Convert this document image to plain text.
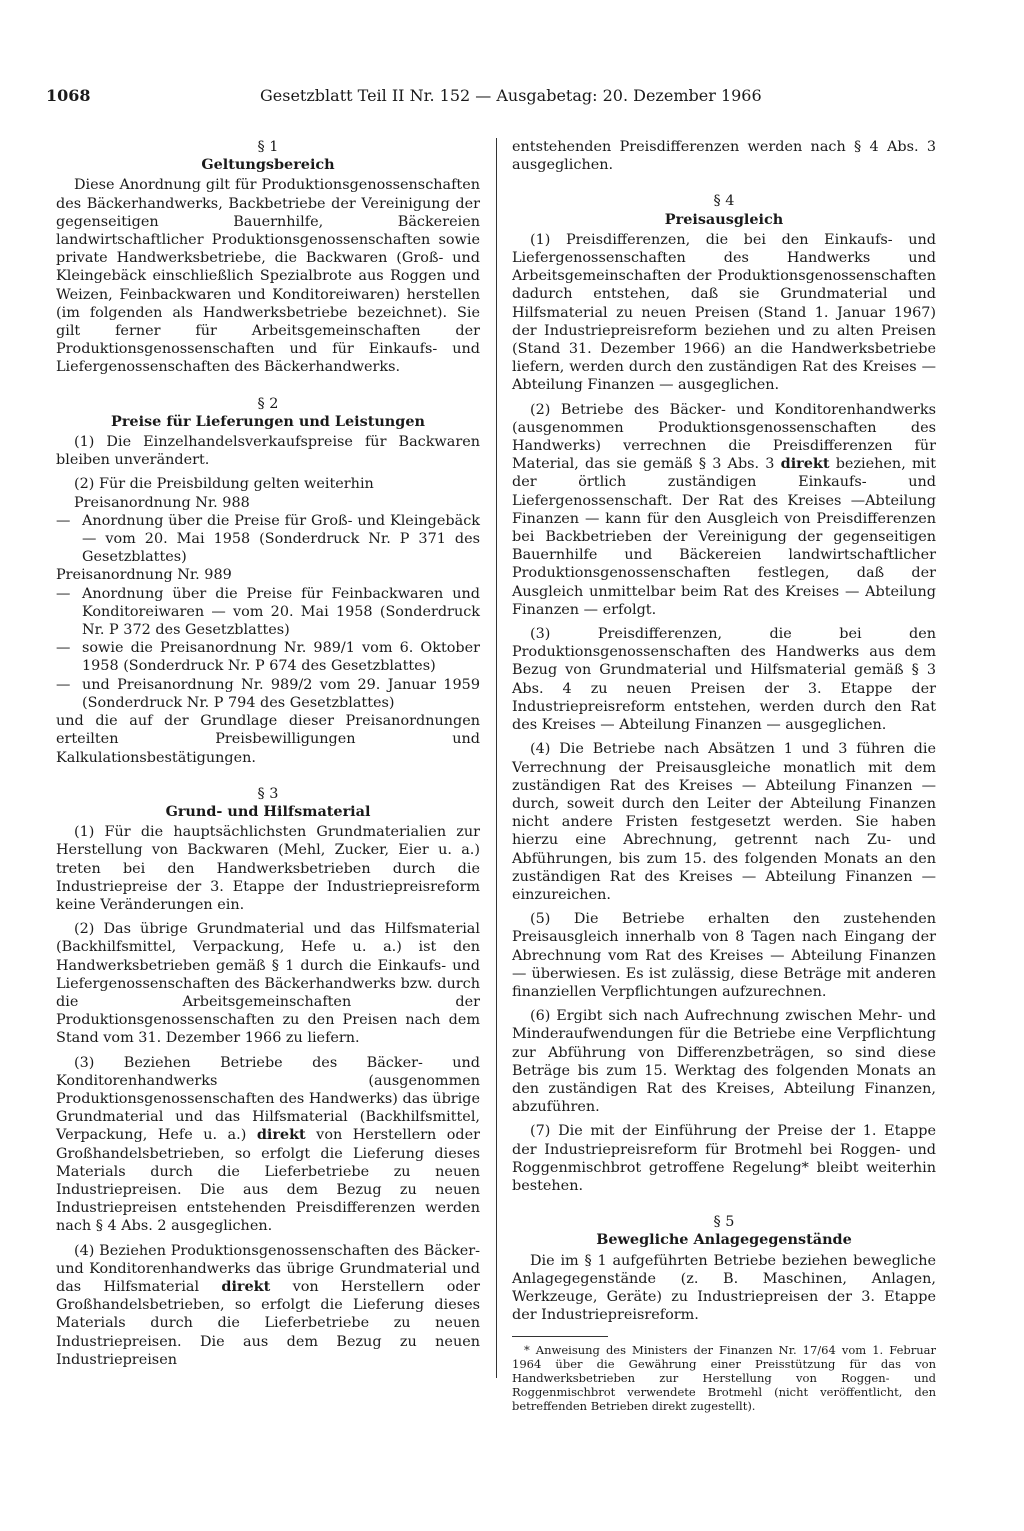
1068	Gesetzblatt Teil II Nr. 152 — Ausgabetag: 20. Dezember 1966

§ 1

Geltungsbereich

Diese Anordnung gilt für Produktionsgenossenschaften des Bäckerhandwerks, Backbetriebe der Vereinigung der gegenseitigen Bauernhilfe, Bäckereien landwirtschaftlicher Produktionsgenossenschaften sowie private Handwerksbetriebe, die Backwaren (Groß- und Kleingebäck einschließlich Spezialbrote aus Roggen und Weizen, Feinbackwaren und Konditoreiwaren) herstellen (im folgenden als Handwerksbetriebe bezeichnet). Sie gilt ferner für Arbeitsgemeinschaften der Produktionsgenossenschaften und für Einkaufs- und Liefergenossenschaften des Bäckerhandwerks.

§ 2

Preise für Lieferungen und Leistungen

(1) Die Einzelhandelsverkaufspreise für Backwaren bleiben unverändert.

(2) Für die Preisbildung gelten weiterhin

Preisanordnung Nr. 988

— Anordnung über die Preise für Groß- und Kleingebäck — vom 20. Mai 1958 (Sonderdruck Nr. P 371 des Gesetzblattes)

Preisanordnung Nr. 989

— Anordnung über die Preise für Feinbackwaren und Konditoreiwaren — vom 20. Mai 1958 (Sonderdruck Nr. P 372 des Gesetzblattes)
— sowie die Preisanordnung Nr. 989/1 vom 6. Oktober 1958 (Sonderdruck Nr. P 674 des Gesetzblattes)
— und Preisanordnung Nr. 989/2 vom 29. Januar 1959 (Sonderdruck Nr. P 794 des Gesetzblattes)

und die auf der Grundlage dieser Preisanordnungen erteilten Preisbewilligungen und Kalkulationsbestätigungen.

§ 3

Grund- und Hilfsmaterial

(1) Für die hauptsächlichsten Grundmaterialien zur Herstellung von Backwaren (Mehl, Zucker, Eier u. a.) treten bei den Handwerksbetrieben durch die Industriepreise der 3. Etappe der Industriepreisreform keine Veränderungen ein.

(2) Das übrige Grundmaterial und das Hilfsmaterial (Backhilfsmittel, Verpackung, Hefe u. a.) ist den Handwerksbetrieben gemäß § 1 durch die Einkaufs- und Liefergenossenschaften des Bäckerhandwerks bzw. durch die Arbeitsgemeinschaften der Produktionsgenossenschaften zu den Preisen nach dem Stand vom 31. Dezember 1966 zu liefern.

(3) Beziehen Betriebe des Bäcker- und Konditorenhandwerks (ausgenommen Produktionsgenossenschaften des Handwerks) das übrige Grundmaterial und das Hilfsmaterial (Backhilfsmittel, Verpackung, Hefe u. a.) direkt von Herstellern oder Großhandelsbetrieben, so erfolgt die Lieferung dieses Materials durch die Lieferbetriebe zu neuen Industriepreisen. Die aus dem Bezug zu neuen Industriepreisen entstehenden Preisdifferenzen werden nach § 4 Abs. 2 ausgeglichen.

(4) Beziehen Produktionsgenossenschaften des Bäcker- und Konditorenhandwerks das übrige Grundmaterial und das Hilfsmaterial direkt von Herstellern oder Großhandelsbetrieben, so erfolgt die Lieferung dieses Materials durch die Lieferbetriebe zu neuen Industriepreisen. Die aus dem Bezug zu neuen Industriepreisen

entstehenden Preisdifferenzen werden nach § 4 Abs. 3 ausgeglichen.

§ 4

Preisausgleich

(1) Preisdifferenzen, die bei den Einkaufs- und Liefergenossenschaften des Handwerks und Arbeitsgemeinschaften der Produktionsgenossenschaften dadurch entstehen, daß sie Grundmaterial und Hilfsmaterial zu neuen Preisen (Stand 1. Januar 1967) der Industriepreisreform beziehen und zu alten Preisen (Stand 31. Dezember 1966) an die Handwerksbetriebe liefern, werden durch den zuständigen Rat des Kreises — Abteilung Finanzen — ausgeglichen.

(2) Betriebe des Bäcker- und Konditorenhandwerks (ausgenommen Produktionsgenossenschaften des Handwerks) verrechnen die Preisdifferenzen für Material, das sie gemäß § 3 Abs. 3 direkt beziehen, mit der örtlich zuständigen Einkaufs- und Liefergenossenschaft. Der Rat des Kreises —Abteilung Finanzen — kann für den Ausgleich von Preisdifferenzen bei Backbetrieben der Vereinigung der gegenseitigen Bauernhilfe und Bäckereien landwirtschaftlicher Produktionsgenossenschaften festlegen, daß der Ausgleich unmittelbar beim Rat des Kreises — Abteilung Finanzen — erfolgt.

(3) Preisdifferenzen, die bei den Produktionsgenossenschaften des Handwerks aus dem Bezug von Grundmaterial und Hilfsmaterial gemäß § 3 Abs. 4 zu neuen Preisen der 3. Etappe der Industriepreisreform entstehen, werden durch den Rat des Kreises — Abteilung Finanzen — ausgeglichen.

(4) Die Betriebe nach Absätzen 1 und 3 führen die Verrechnung der Preisausgleiche monatlich mit dem zuständigen Rat des Kreises — Abteilung Finanzen — durch, soweit durch den Leiter der Abteilung Finanzen nicht andere Fristen festgesetzt werden. Sie haben hierzu eine Abrechnung, getrennt nach Zu- und Abführungen, bis zum 15. des folgenden Monats an den zuständigen Rat des Kreises — Abteilung Finanzen — einzureichen.

(5) Die Betriebe erhalten den zustehenden Preisausgleich innerhalb von 8 Tagen nach Eingang der Abrechnung vom Rat des Kreises — Abteilung Finanzen — überwiesen. Es ist zulässig, diese Beträge mit anderen finanziellen Verpflichtungen aufzurechnen.

(6) Ergibt sich nach Aufrechnung zwischen Mehr- und Minderaufwendungen für die Betriebe eine Verpflichtung zur Abführung von Differenzbeträgen, so sind diese Beträge bis zum 15. Werktag des folgenden Monats an den zuständigen Rat des Kreises, Abteilung Finanzen, abzuführen.

(7) Die mit der Einführung der Preise der 1. Etappe der Industriepreisreform für Brotmehl bei Roggen- und Roggenmischbrot getroffene Regelung* bleibt weiterhin bestehen.

§ 5

Bewegliche Anlagegegenstände

Die im § 1 aufgeführten Betriebe beziehen bewegliche Anlagegegenstände (z. B. Maschinen, Anlagen, Werkzeuge, Geräte) zu Industriepreisen der 3. Etappe der Industriepreisreform.

* Anweisung des Ministers der Finanzen Nr. 17/64 vom 1. Februar 1964 über die Gewährung einer Preisstützung für das von Handwerksbetrieben zur Herstellung von Roggen- und Roggenmischbrot verwendete Brotmehl (nicht veröffentlicht, den betreffenden Betrieben direkt zugestellt).
